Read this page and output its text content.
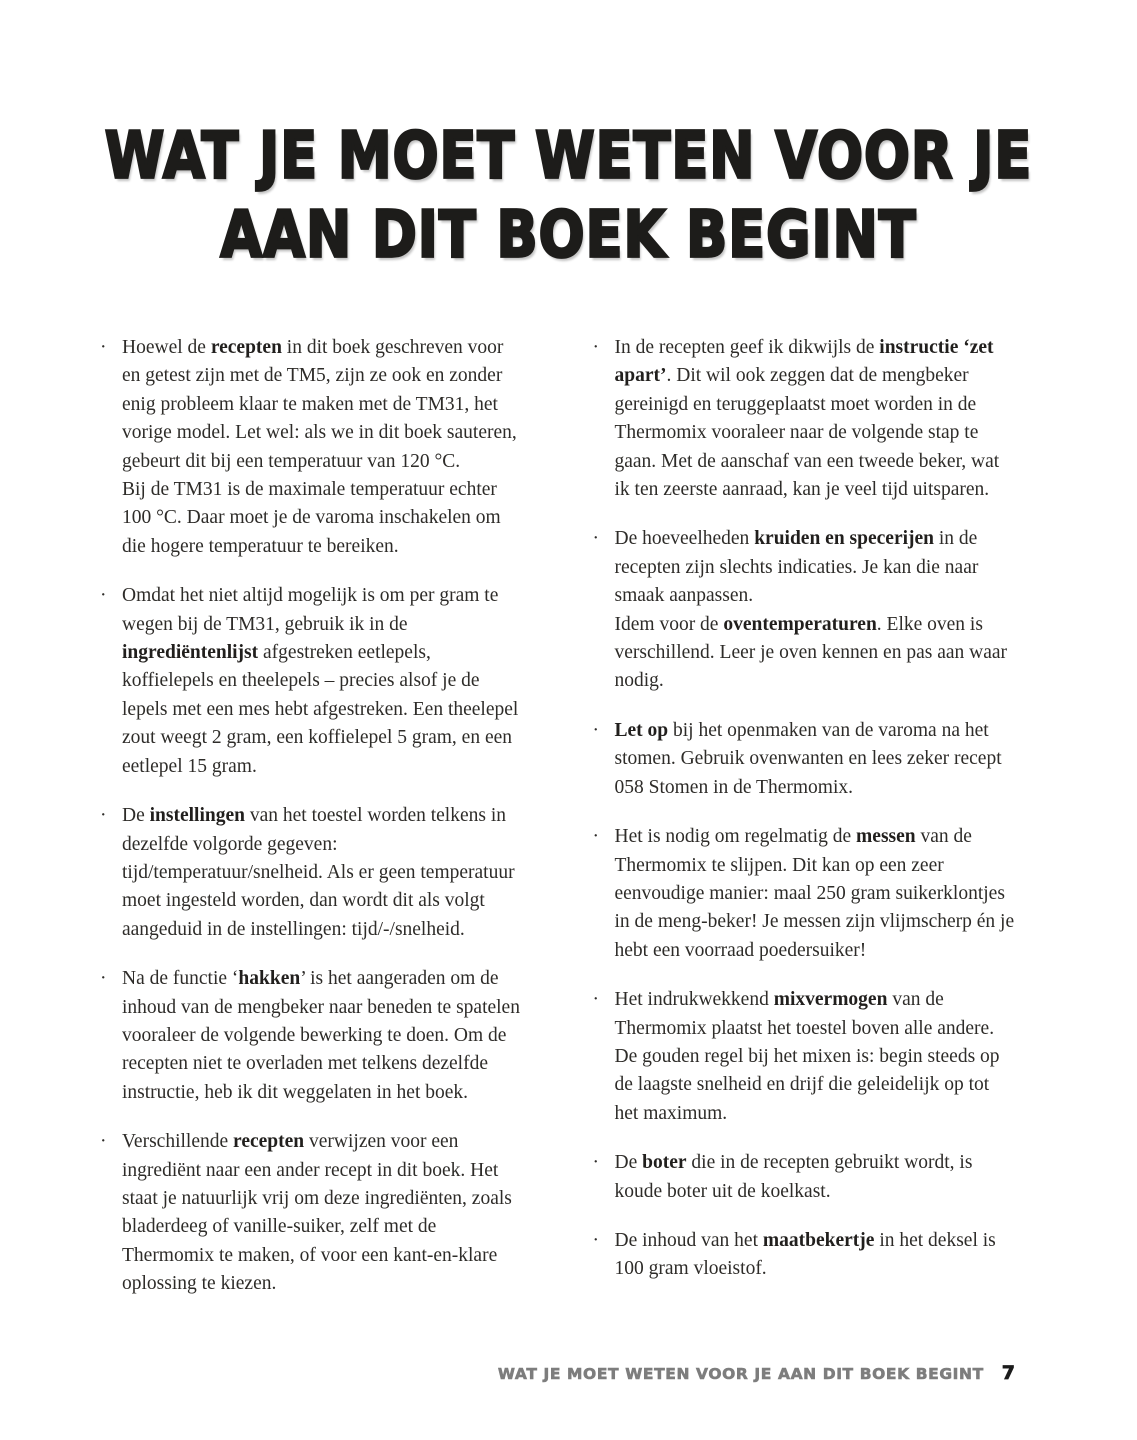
WAT JE MOET WETEN VOOR JE
AAN DIT BOEK BEGINT
· Hoewel de recepten in dit boek geschreven voor en getest zijn met de TM5, zijn ze ook en zonder enig probleem klaar te maken met de TM31, het vorige model. Let wel: als we in dit boek sauteren, gebeurt dit bij een temperatuur van 120 °C.
Bij de TM31 is de maximale temperatuur echter 100 °C. Daar moet je de varoma inschakelen om die hogere temperatuur te bereiken.
· Omdat het niet altijd mogelijk is om per gram te wegen bij de TM31, gebruik ik in de ingrediëntenlijst afgestreken eetlepels, koffielepels en theelepels – precies alsof je de lepels met een mes hebt afgestreken. Een theelepel zout weegt 2 gram, een koffielepel 5 gram, en een eetlepel 15 gram.
· De instellingen van het toestel worden telkens in dezelfde volgorde gegeven: tijd/temperatuur/snelheid. Als er geen temperatuur moet ingesteld worden, dan wordt dit als volgt aangeduid in de instellingen: tijd/-/snelheid.
· Na de functie ‘hakken’ is het aangeraden om de inhoud van de mengbeker naar beneden te spatelen vooraleer de volgende bewerking te doen. Om de recepten niet te overladen met telkens dezelfde instructie, heb ik dit weggelaten in het boek.
· Verschillende recepten verwijzen voor een ingrediënt naar een ander recept in dit boek. Het staat je natuurlijk vrij om deze ingrediënten, zoals bladerdeeg of vanille-suiker, zelf met de Thermomix te maken, of voor een kant-en-klare oplossing te kiezen.
· In de recepten geef ik dikwijls de instructie ‘zet apart’. Dit wil ook zeggen dat de mengbeker gereinigd en teruggeplaatst moet worden in de Thermomix vooraleer naar de volgende stap te gaan. Met de aanschaf van een tweede beker, wat ik ten zeerste aanraad, kan je veel tijd uitsparen.
· De hoeveelheden kruiden en specerijen in de recepten zijn slechts indicaties. Je kan die naar smaak aanpassen.
Idem voor de oventemperaturen. Elke oven is verschillend. Leer je oven kennen en pas aan waar nodig.
· Let op bij het openmaken van de varoma na het stomen. Gebruik ovenwanten en lees zeker recept 058 Stomen in de Thermomix.
· Het is nodig om regelmatig de messen van de Thermomix te slijpen. Dit kan op een zeer eenvoudige manier: maal 250 gram suikerklontjes in de meng-beker! Je messen zijn vlijmscherp én je hebt een voorraad poedersuiker!
· Het indrukwekkend mixvermogen van de Thermomix plaatst het toestel boven alle andere. De gouden regel bij het mixen is: begin steeds op de laagste snelheid en drijf die geleidelijk op tot het maximum.
· De boter die in de recepten gebruikt wordt, is koude boter uit de koelkast.
· De inhoud van het maatbekertje in het deksel is 100 gram vloeistof.
WAT JE MOET WETEN VOOR JE AAN DIT BOEK BEGINT 7
